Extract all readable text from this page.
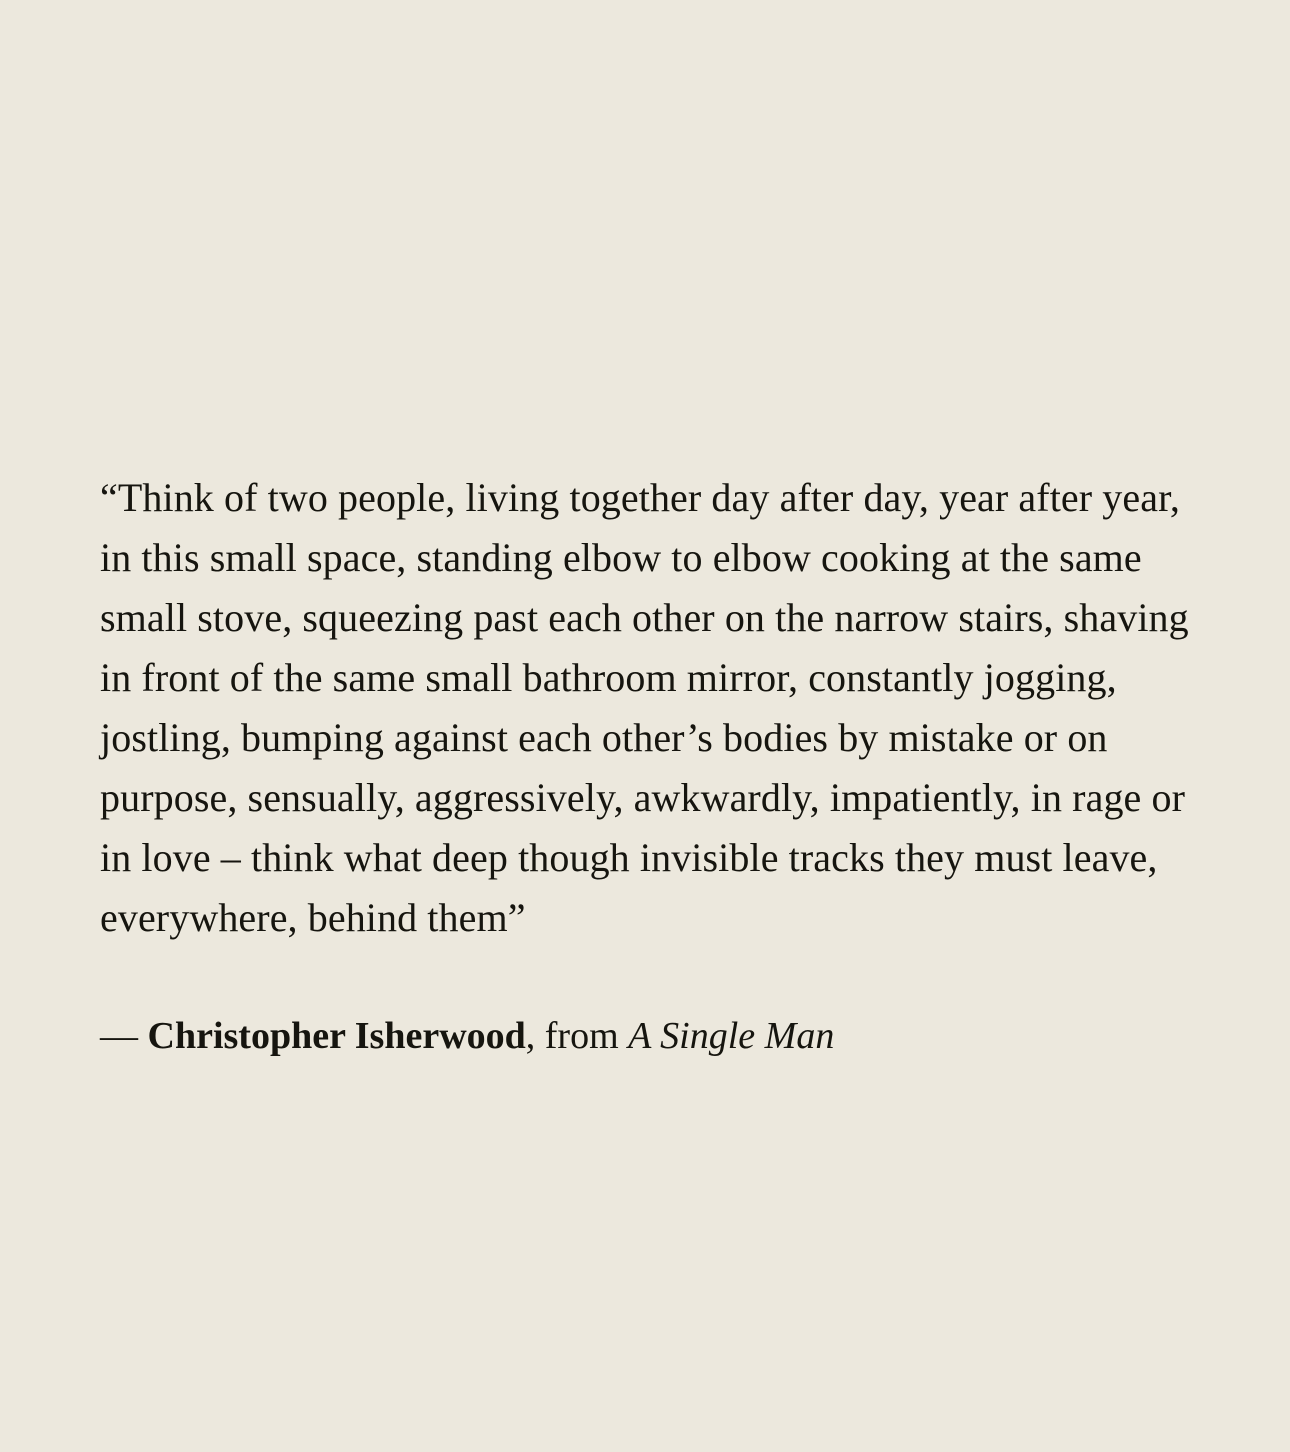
“Think of two people, living together day after day, year after year, in this small space, standing elbow to elbow cooking at the same small stove, squeezing past each other on the narrow stairs, shaving in front of the same small bathroom mirror, constantly jogging, jostling, bumping against each other’s bodies by mistake or on purpose, sensually, aggressively, awkwardly, impatiently, in rage or in love – think what deep though invisible tracks they must leave, everywhere, behind them”

— Christopher Isherwood, from A Single Man
